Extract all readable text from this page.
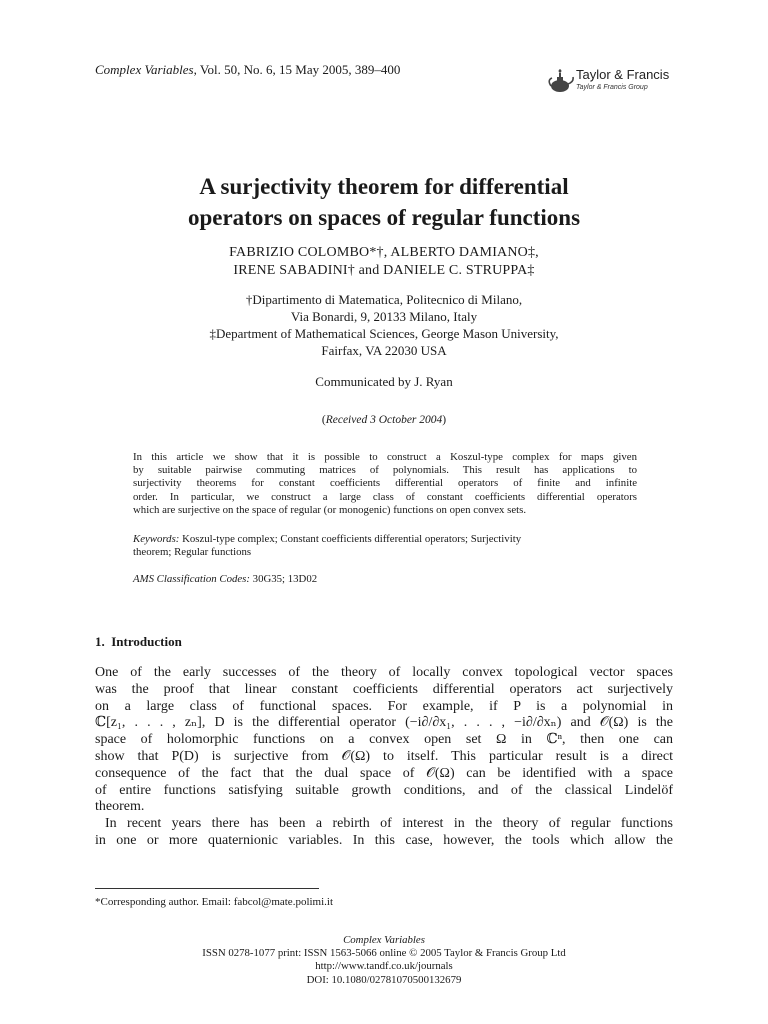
Complex Variables, Vol. 50, No. 6, 15 May 2005, 389–400	Taylor & Francis
Taylor & Francis Group
A surjectivity theorem for differential
operators on spaces of regular functions
FABRIZIO COLOMBO*†, ALBERTO DAMIANO‡,
IRENE SABADINI† and DANIELE C. STRUPPA‡
†Dipartimento di Matematica, Politecnico di Milano,
Via Bonardi, 9, 20133 Milano, Italy
‡Department of Mathematical Sciences, George Mason University,
Fairfax, VA 22030 USA
Communicated by J. Ryan
(Received 3 October 2004)
In this article we show that it is possible to construct a Koszul-type complex for maps given
by suitable pairwise commuting matrices of polynomials. This result has applications to
surjectivity theorems for constant coefficients differential operators of finite and infinite
order. In particular, we construct a large class of constant coefficients differential operators
which are surjective on the space of regular (or monogenic) functions on open convex sets.
Keywords: Koszul-type complex; Constant coefficients differential operators; Surjectivity
theorem; Regular functions
AMS Classification Codes: 30G35; 13D02
1. Introduction
One of the early successes of the theory of locally convex topological vector spaces
was the proof that linear constant coefficients differential operators act surjectively
on a large class of functional spaces. For example, if P is a polynomial in
ℂ[z₁, . . . , zₙ], D is the differential operator (−i∂/∂x₁, . . . , −i∂/∂xₙ) and 𝒪(Ω) is the
space of holomorphic functions on a convex open set Ω in ℂⁿ, then one can
show that P(D) is surjective from 𝒪(Ω) to itself. This particular result is a direct
consequence of the fact that the dual space of 𝒪(Ω) can be identified with a space
of entire functions satisfying suitable growth conditions, and of the classical Lindelöf
theorem.
In recent years there has been a rebirth of interest in the theory of regular functions
in one or more quaternionic variables. In this case, however, the tools which allow the
*Corresponding author. Email: fabcol@mate.polimi.it
Complex Variables
ISSN 0278-1077 print: ISSN 1563-5066 online © 2005 Taylor & Francis Group Ltd
http://www.tandf.co.uk/journals
DOI: 10.1080/02781070500132679
